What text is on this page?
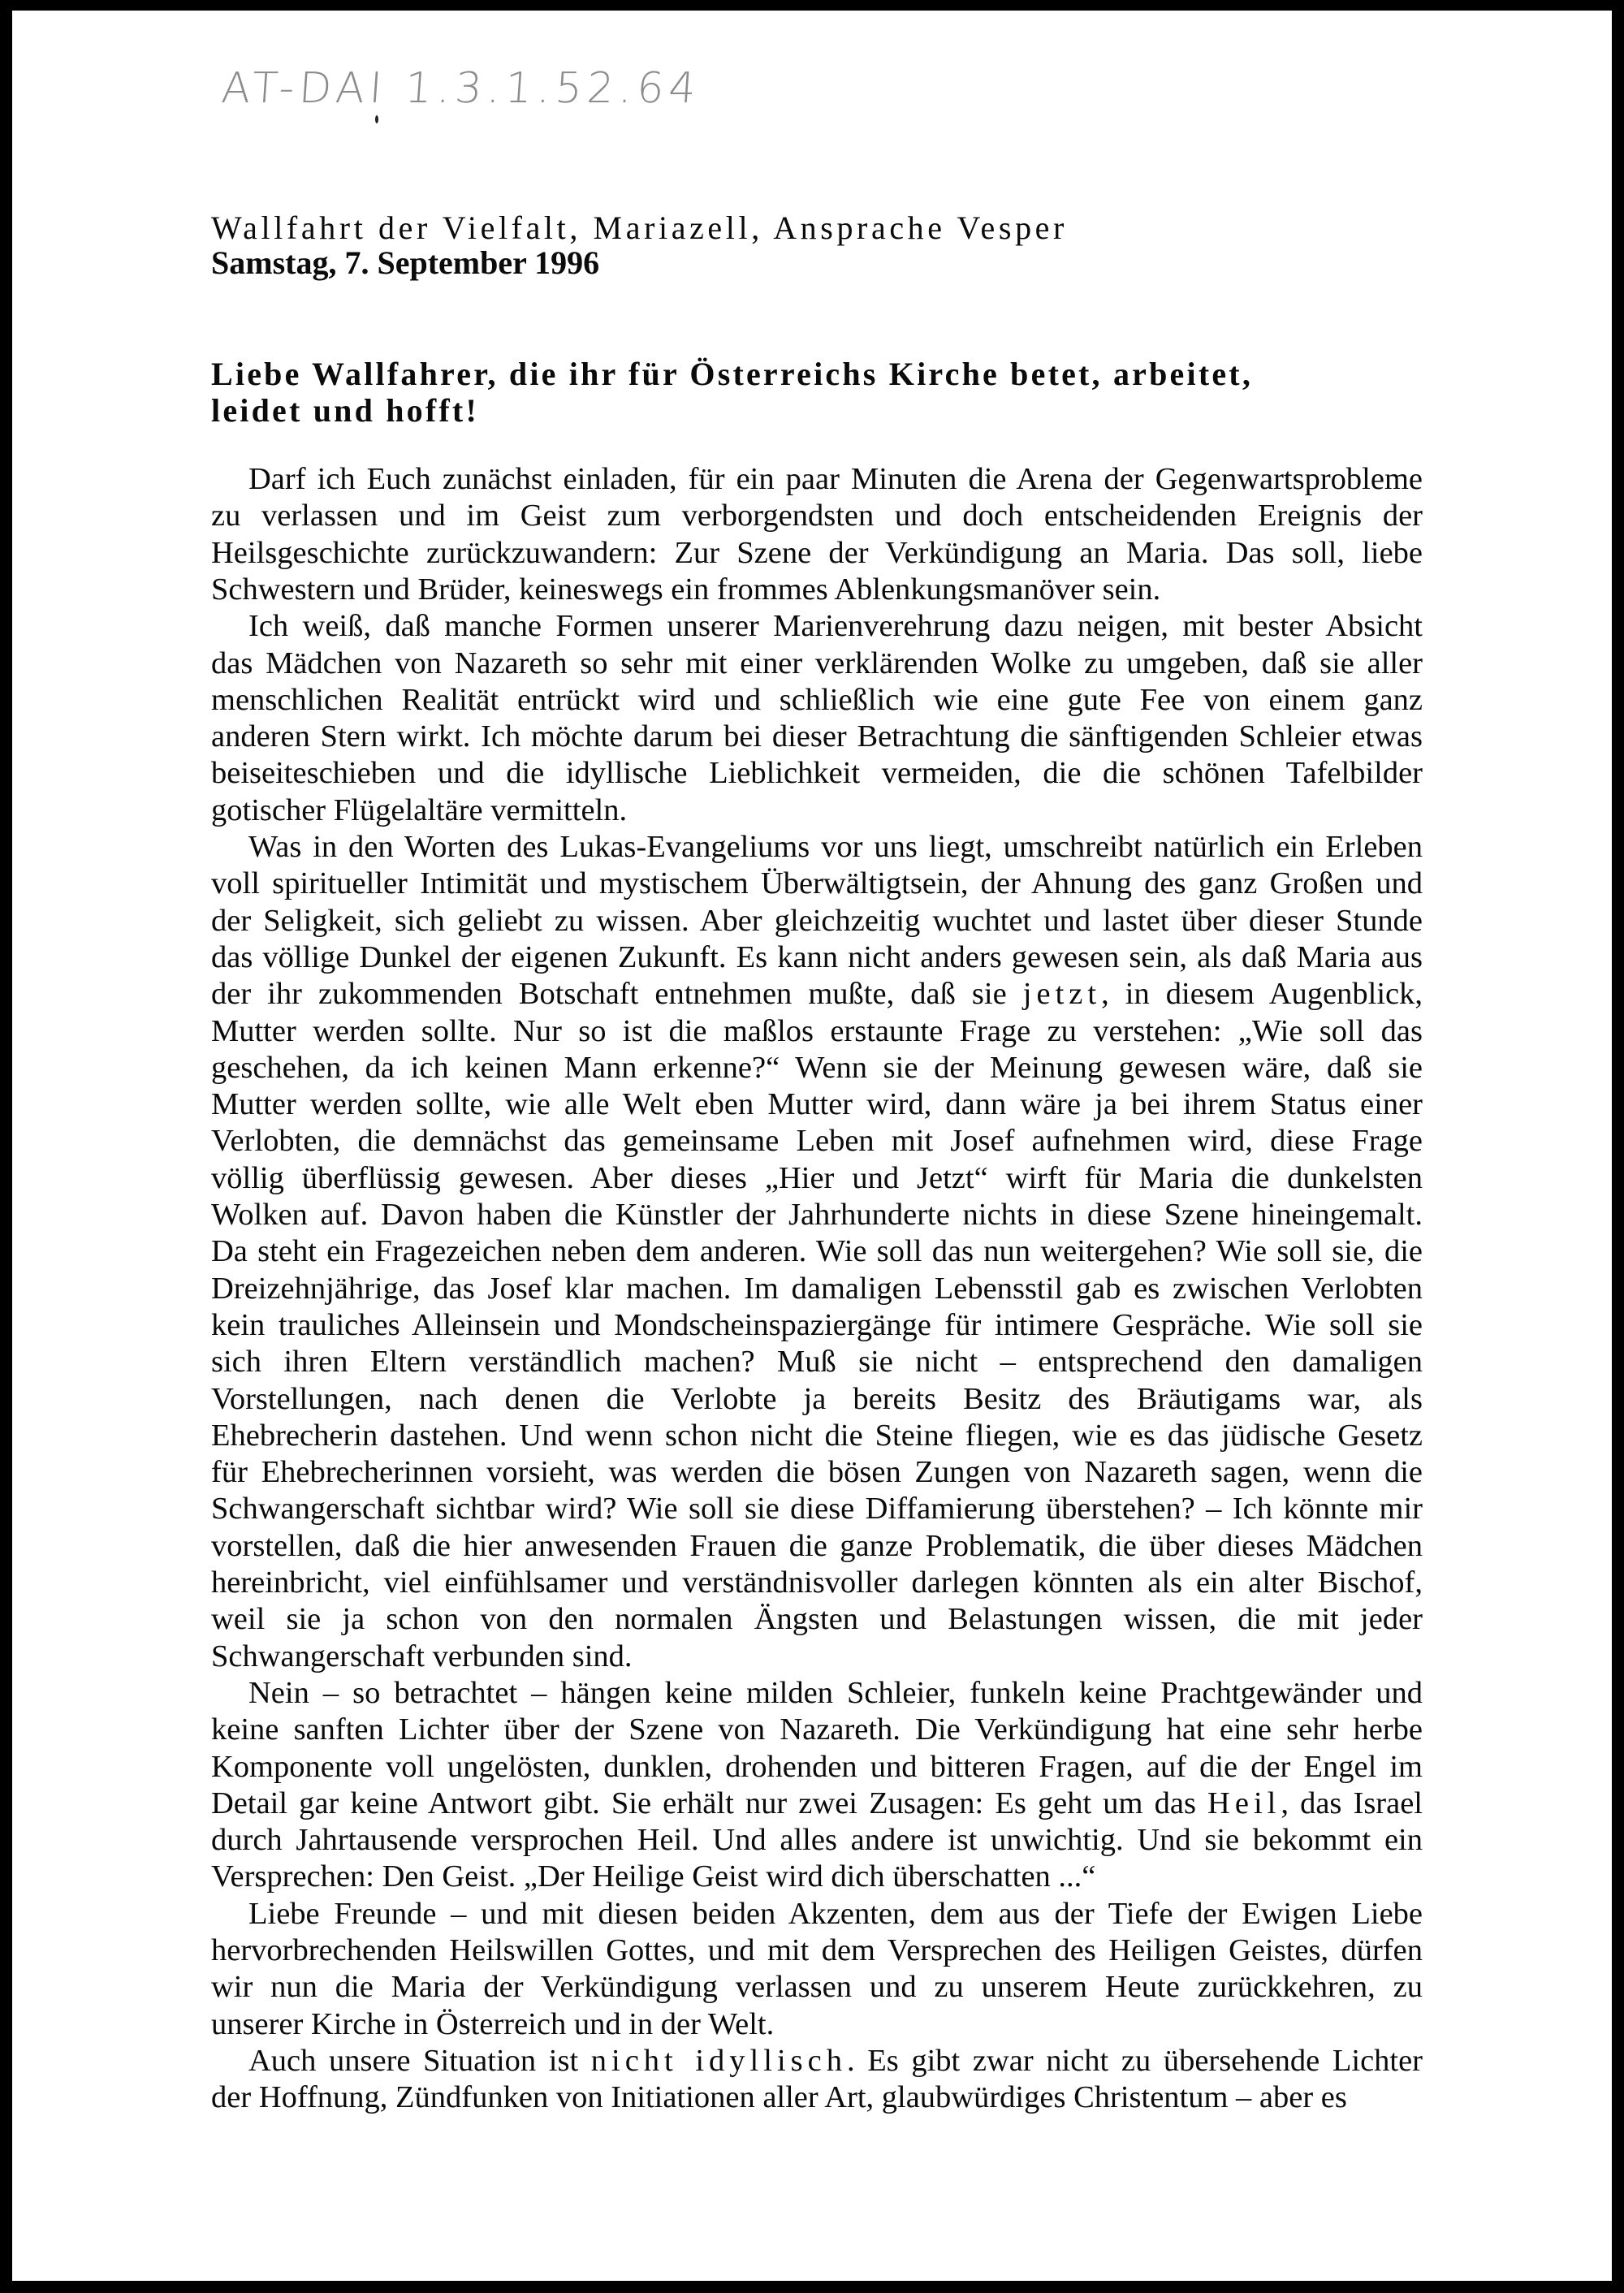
AT-DAI 1.3.1.52.64
Wallfahrt der Vielfalt, Mariazell, Ansprache Vesper
Samstag, 7. September 1996
Liebe Wallfahrer, die ihr für Österreichs Kirche betet, arbeitet,
leidet und hofft!
Darf ich Euch zunächst einladen, für ein paar Minuten die Arena der Gegenwartsprobleme
zu verlassen und im Geist zum verborgendsten und doch entscheidenden Ereignis der
Heilsgeschichte zurückzuwandern: Zur Szene der Verkündigung an Maria. Das soll, liebe
Schwestern und Brüder, keineswegs ein frommes Ablenkungsmanöver sein.
Ich weiß, daß manche Formen unserer Marienverehrung dazu neigen, mit bester Absicht
das Mädchen von Nazareth so sehr mit einer verklärenden Wolke zu umgeben, daß sie aller
menschlichen Realität entrückt wird und schließlich wie eine gute Fee von einem ganz
anderen Stern wirkt. Ich möchte darum bei dieser Betrachtung die sänftigenden Schleier etwas
beiseiteschieben und die idyllische Lieblichkeit vermeiden, die die schönen Tafelbilder
gotischer Flügelaltäre vermitteln.
Was in den Worten des Lukas-Evangeliums vor uns liegt, umschreibt natürlich ein Erleben
voll spiritueller Intimität und mystischem Überwältigtsein, der Ahnung des ganz Großen und
der Seligkeit, sich geliebt zu wissen. Aber gleichzeitig wuchtet und lastet über dieser Stunde
das völlige Dunkel der eigenen Zukunft. Es kann nicht anders gewesen sein, als daß Maria aus
der ihr zukommenden Botschaft entnehmen mußte, daß sie jetzt, in diesem Augenblick,
Mutter werden sollte. Nur so ist die maßlos erstaunte Frage zu verstehen: „Wie soll das
geschehen, da ich keinen Mann erkenne?“ Wenn sie der Meinung gewesen wäre, daß sie
Mutter werden sollte, wie alle Welt eben Mutter wird, dann wäre ja bei ihrem Status einer
Verlobten, die demnächst das gemeinsame Leben mit Josef aufnehmen wird, diese Frage
völlig überflüssig gewesen. Aber dieses „Hier und Jetzt“ wirft für Maria die dunkelsten
Wolken auf. Davon haben die Künstler der Jahrhunderte nichts in diese Szene hineingemalt.
Da steht ein Fragezeichen neben dem anderen. Wie soll das nun weitergehen? Wie soll sie, die
Dreizehnjährige, das Josef klar machen. Im damaligen Lebensstil gab es zwischen Verlobten
kein trauliches Alleinsein und Mondscheinspaziergänge für intimere Gespräche. Wie soll sie
sich ihren Eltern verständlich machen? Muß sie nicht – entsprechend den damaligen
Vorstellungen, nach denen die Verlobte ja bereits Besitz des Bräutigams war, als
Ehebrecherin dastehen. Und wenn schon nicht die Steine fliegen, wie es das jüdische Gesetz
für Ehebrecherinnen vorsieht, was werden die bösen Zungen von Nazareth sagen, wenn die
Schwangerschaft sichtbar wird? Wie soll sie diese Diffamierung überstehen? – Ich könnte mir
vorstellen, daß die hier anwesenden Frauen die ganze Problematik, die über dieses Mädchen
hereinbricht, viel einfühlsamer und verständnisvoller darlegen könnten als ein alter Bischof,
weil sie ja schon von den normalen Ängsten und Belastungen wissen, die mit jeder
Schwangerschaft verbunden sind.
Nein – so betrachtet – hängen keine milden Schleier, funkeln keine Prachtgewänder und
keine sanften Lichter über der Szene von Nazareth. Die Verkündigung hat eine sehr herbe
Komponente voll ungelösten, dunklen, drohenden und bitteren Fragen, auf die der Engel im
Detail gar keine Antwort gibt. Sie erhält nur zwei Zusagen: Es geht um das Heil, das Israel
durch Jahrtausende versprochen Heil. Und alles andere ist unwichtig. Und sie bekommt ein
Versprechen: Den Geist. „Der Heilige Geist wird dich überschatten ...“
Liebe Freunde – und mit diesen beiden Akzenten, dem aus der Tiefe der Ewigen Liebe
hervorbrechenden Heilswillen Gottes, und mit dem Versprechen des Heiligen Geistes, dürfen
wir nun die Maria der Verkündigung verlassen und zu unserem Heute zurückkehren, zu
unserer Kirche in Österreich und in der Welt.
Auch unsere Situation ist nicht idyllisch. Es gibt zwar nicht zu übersehende Lichter
der Hoffnung, Zündfunken von Initiationen aller Art, glaubwürdiges Christentum – aber es
